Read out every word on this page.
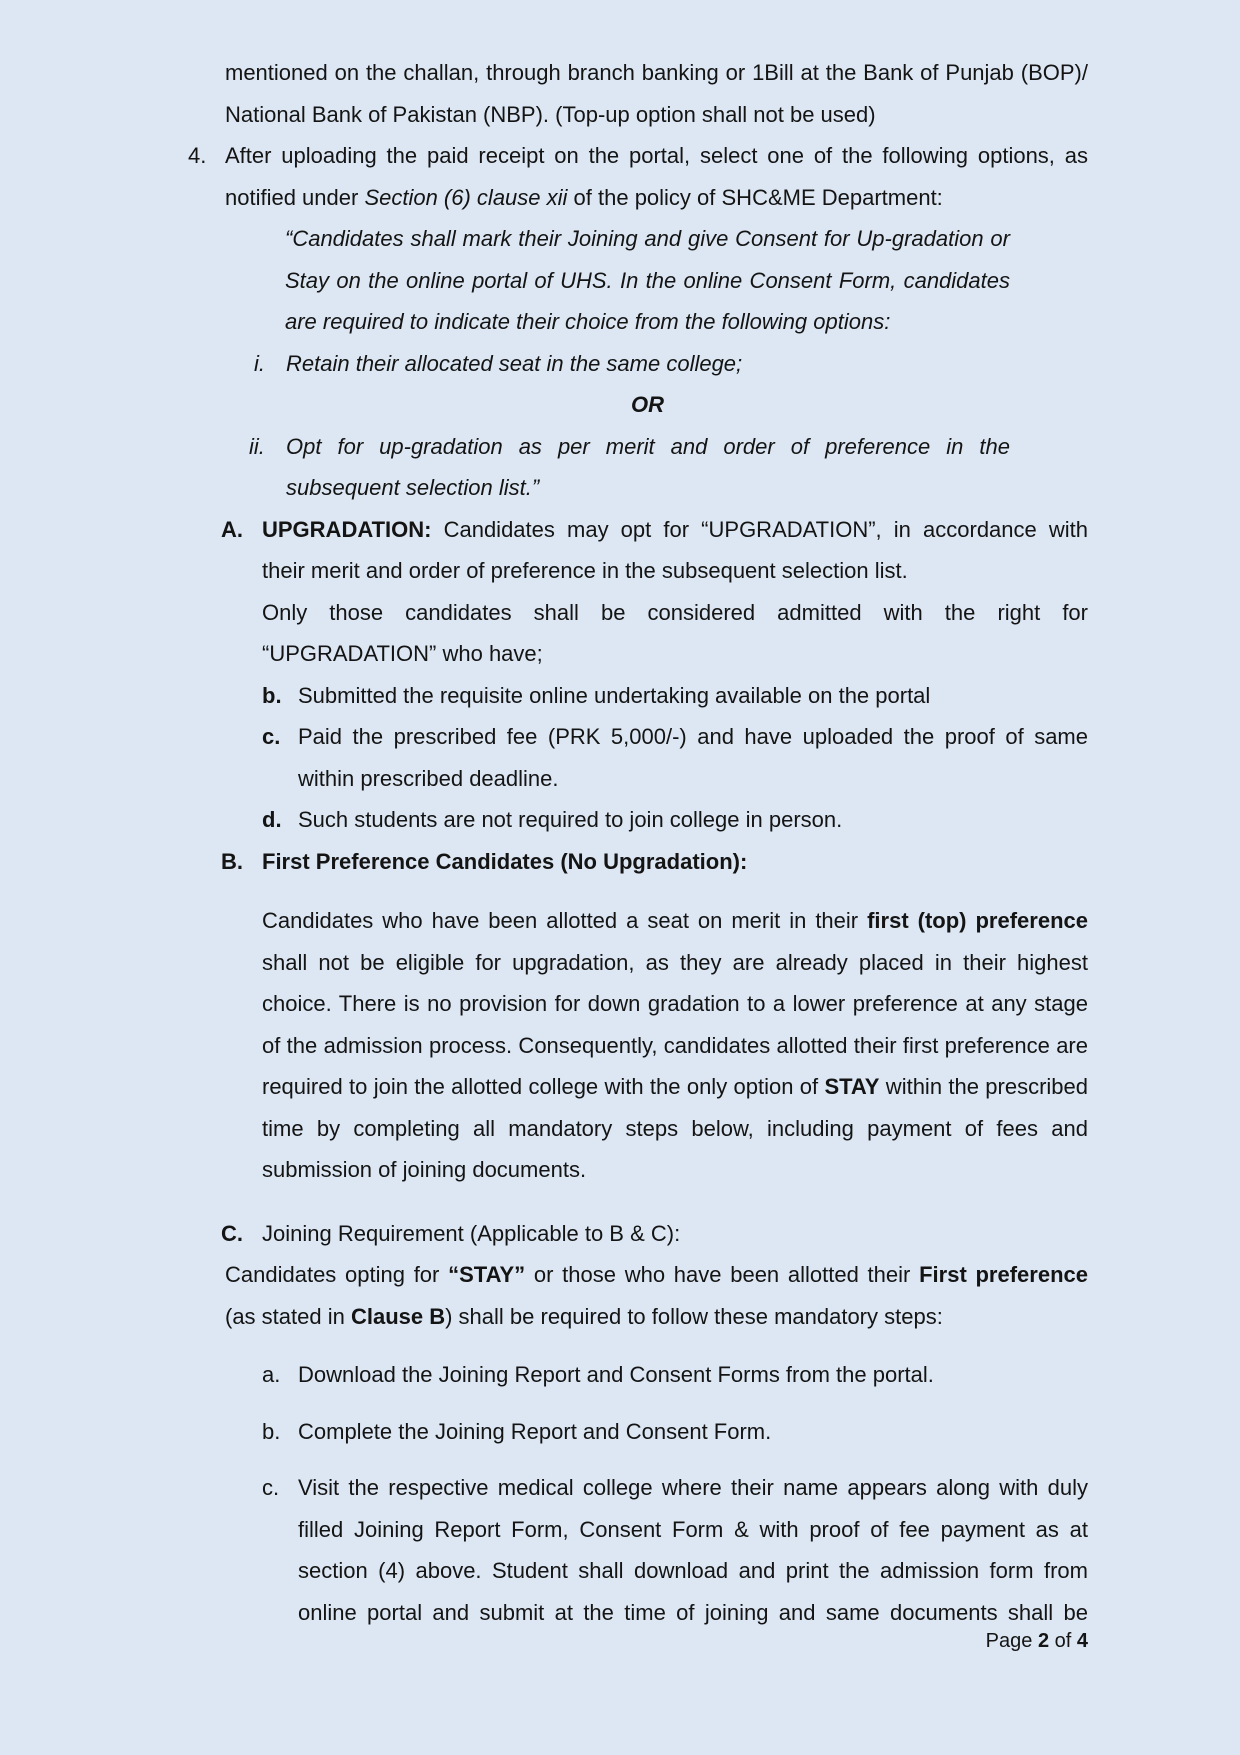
mentioned on the challan, through branch banking or 1Bill at the Bank of Punjab (BOP)/ National Bank of Pakistan (NBP). (Top-up option shall not be used)

4. After uploading the paid receipt on the portal, select one of the following options, as notified under Section (6) clause xii of the policy of SHC&ME Department:

“Candidates shall mark their Joining and give Consent for Up-gradation or Stay on the online portal of UHS. In the online Consent Form, candidates are required to indicate their choice from the following options:

i. Retain their allocated seat in the same college;

OR

ii. Opt for up-gradation as per merit and order of preference in the subsequent selection list.”

A. UPGRADATION: Candidates may opt for “UPGRADATION”, in accordance with their merit and order of preference in the subsequent selection list.

Only those candidates shall be considered admitted with the right for “UPGRADATION” who have;

b. Submitted the requisite online undertaking available on the portal

c. Paid the prescribed fee (PRK 5,000/-) and have uploaded the proof of same within prescribed deadline.

d. Such students are not required to join college in person.

B. First Preference Candidates (No Upgradation):

Candidates who have been allotted a seat on merit in their first (top) preference shall not be eligible for upgradation, as they are already placed in their highest choice. There is no provision for down gradation to a lower preference at any stage of the admission process. Consequently, candidates allotted their first preference are required to join the allotted college with the only option of STAY within the prescribed time by completing all mandatory steps below, including payment of fees and submission of joining documents.

C. Joining Requirement (Applicable to B & C):

Candidates opting for “STAY” or those who have been allotted their First preference (as stated in Clause B) shall be required to follow these mandatory steps:

a. Download the Joining Report and Consent Forms from the portal.

b. Complete the Joining Report and Consent Form.

c. Visit the respective medical college where their name appears along with duly filled Joining Report Form, Consent Form & with proof of fee payment as at section (4) above. Student shall download and print the admission form from online portal and submit at the time of joining and same documents shall be

Page 2 of 4
